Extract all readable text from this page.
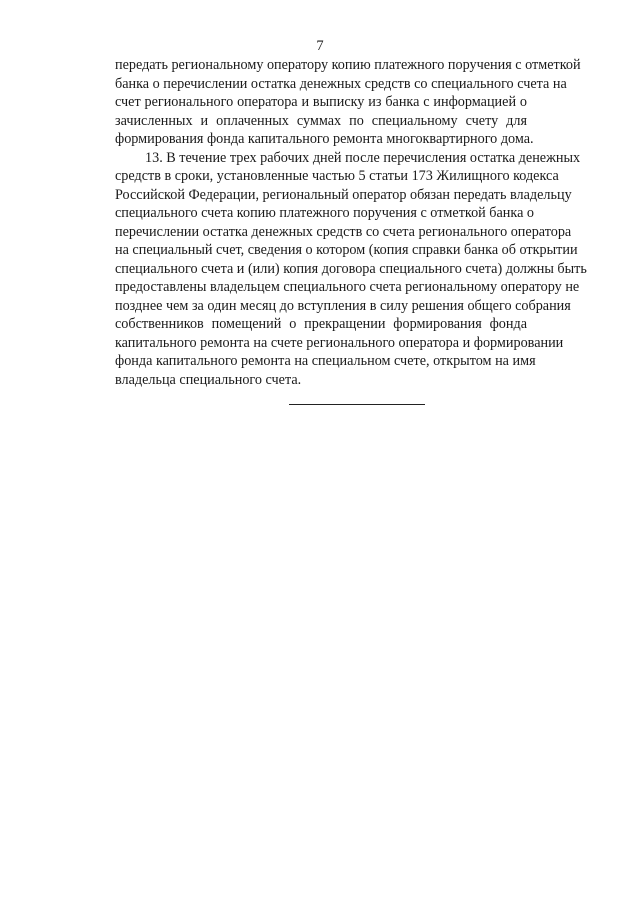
7
передать региональному оператору копию платежного поручения с отметкой
банка о перечислении остатка денежных средств со специального счета на
счет регионального оператора и выписку из банка с информацией о
зачисленных и оплаченных суммах по специальному счету для
формирования фонда капитального ремонта многоквартирного дома.
13. В течение трех рабочих дней после перечисления остатка денежных
средств в сроки, установленные частью 5 статьи 173 Жилищного кодекса
Российской Федерации, региональный оператор обязан передать владельцу
специального счета копию платежного поручения с отметкой банка о
перечислении остатка денежных средств со счета регионального оператора
на специальный счет, сведения о котором (копия справки банка об открытии
специального счета и (или) копия договора специального счета) должны быть
предоставлены владельцем специального счета региональному оператору не
позднее чем за один месяц до вступления в силу решения общего собрания
собственников помещений о прекращении формирования фонда
капитального ремонта на счете регионального оператора и формировании
фонда капитального ремонта на специальном счете, открытом на имя
владельца специального счета.
